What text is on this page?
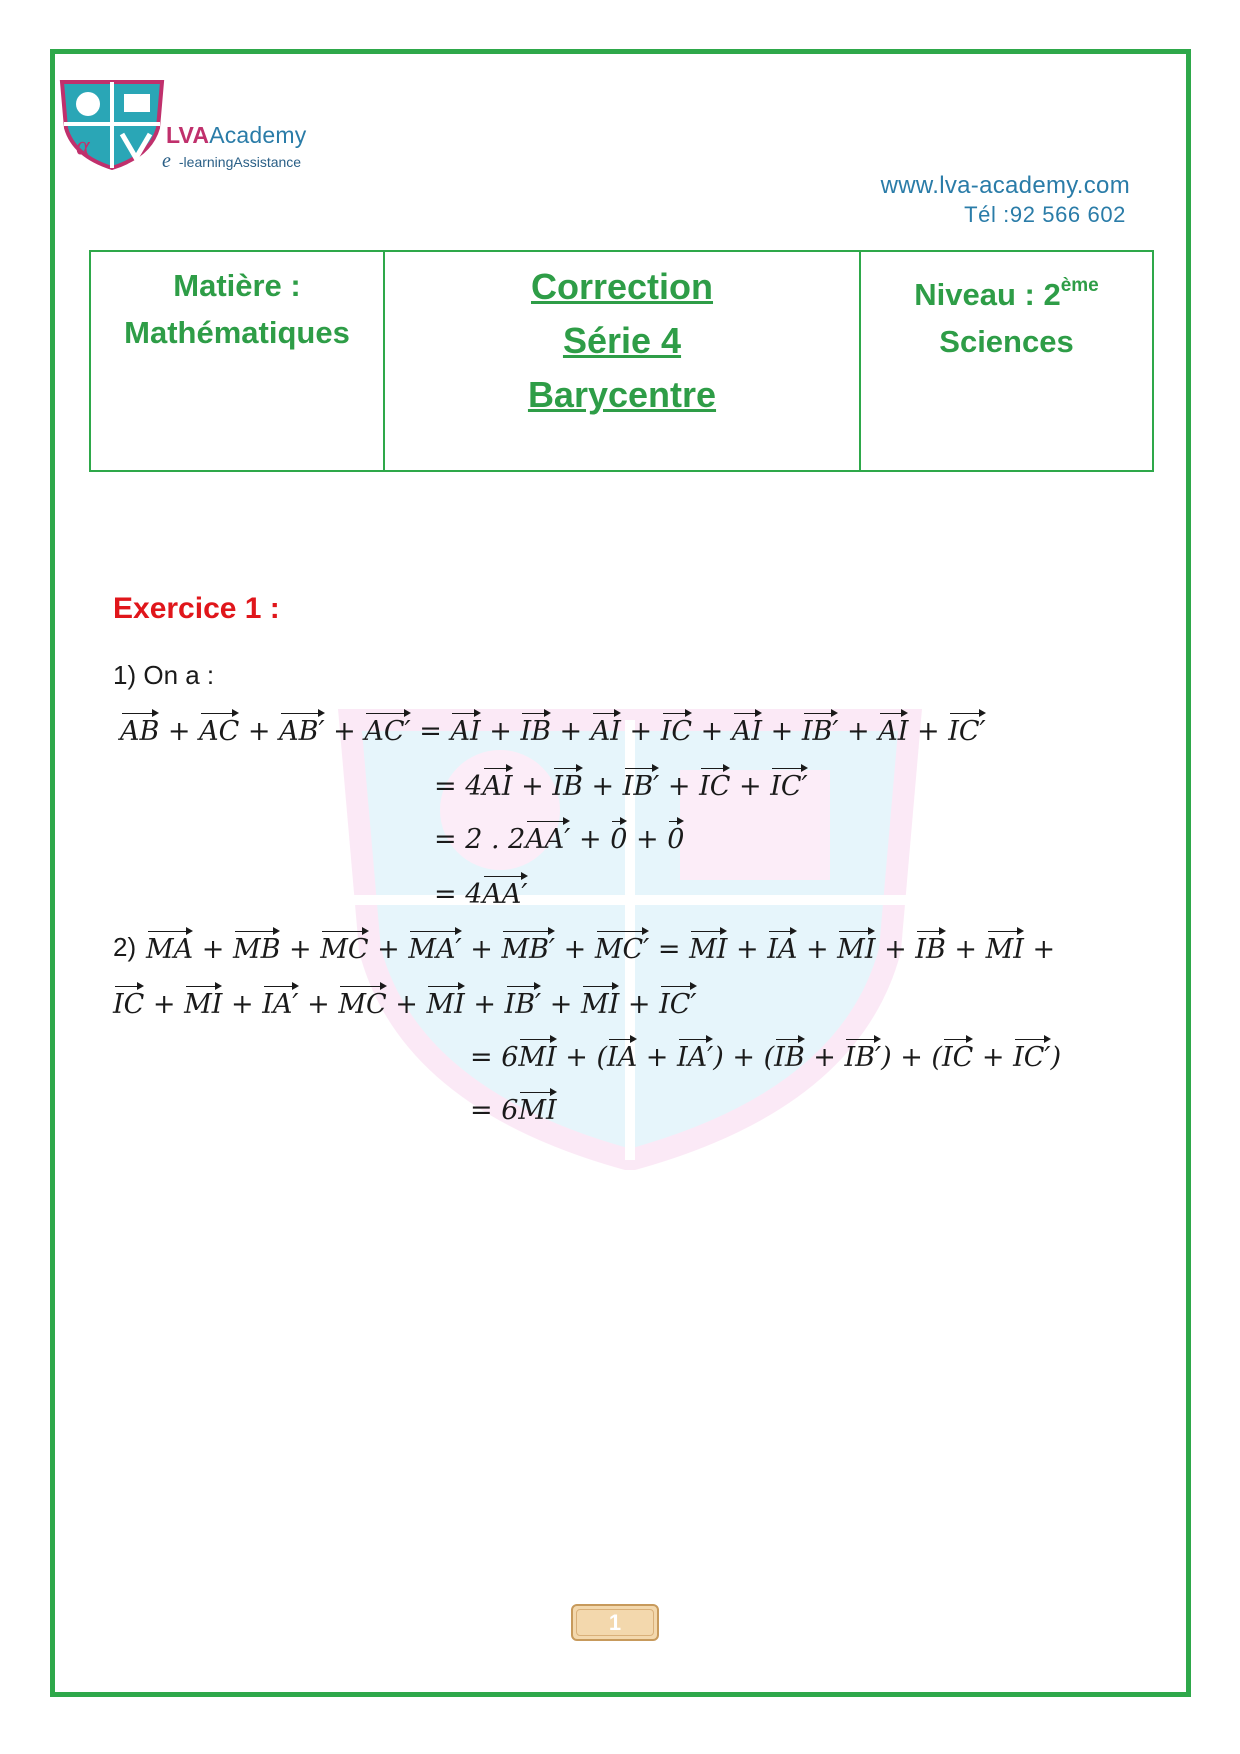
α	LVAAcademy
e -learningAssistance
www.lva-academy.com
Tél :92 566 602
Matière :
Mathématiques

Correction
Série 4
Barycentre

Niveau : 2ème
Sciences
Exercice 1 :
1) On a :
AB + AC + AB′ + AC′ = AI + IB + AI + IC + AI + IB′ + AI + IC′
= 4AI + IB + IB′ + IC + IC′
= 2 . 2AA′ + 0 + 0
= 4AA′
2) MA + MB + MC + MA′ + MB′ + MC′ = MI + IA + MI + IB + MI +
IC + MI + IA′ + MC + MI + IB′ + MI + IC′
= 6MI + (IA + IA′) + (IB + IB′) + (IC + IC′)
= 6MI
1
